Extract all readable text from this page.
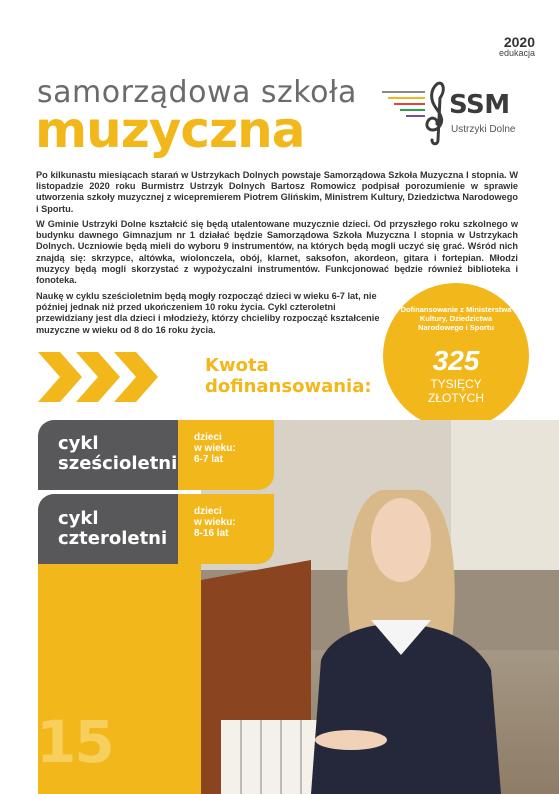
2020
edukacja
samorządowa szkoła
muzyczna	SSM
Ustrzyki Dolne

Po kilkunastu miesiącach starań w Ustrzykach Dolnych powstaje Samorządowa Szkoła Muzyczna I stopnia. W listopadzie 2020 roku Burmistrz Ustrzyk Dolnych Bartosz Romowicz podpisał porozumienie w sprawie utworzenia szkoły muzycznej z wicepremierem Piotrem Glińskim, Ministrem Kultury, Dziedzictwa Narodowego i Sportu.

W Gminie Ustrzyki Dolne kształcić się będą utalentowane muzycznie dzieci. Od przyszłego roku szkolnego w budynku dawnego Gimnazjum nr 1 działać będzie Samorządowa Szkoła Muzyczna I stopnia w Ustrzykach Dolnych. Uczniowie będą mieli do wyboru 9 instrumentów, na których będą mogli uczyć się grać. Wśród nich znajdą się: skrzypce, altówka, wiolonczela, obój, klarnet, saksofon, akordeon, gitara i fortepian. Młodzi muzycy będą mogli skorzystać z wypożyczalni instrumentów. Funkcjonować będzie również biblioteka i fonoteka.

Naukę w cyklu sześcioletnim będą mogły rozpocząć dzieci w wieku 6-7 lat, nie później jednak niż przed ukończeniem 10 roku życia. Cykl czteroletni przewidziany jest dla dzieci i młodzieży, którzy chcieliby rozpocząć kształcenie muzyczne w wieku od 8 do 16 roku życia.

Dofinansowanie z Ministerstwa Kultury, Dziedzictwa Narodowego i Sportu
325
TYSIĘCY
ZŁOTYCH
Kwota
dofinansowania:
15
cykl
sześcioletni
dzieci
w wieku:
6-7 lat
cykl
czteroletni
dzieci
w wieku:
8-16 lat
